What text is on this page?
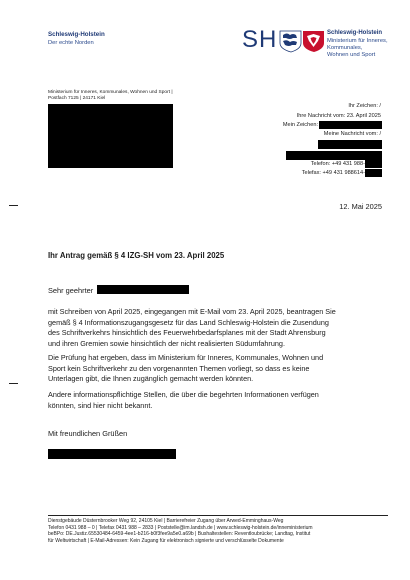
Schleswig-Holstein
Der echte Norden	SH	Schleswig-Holstein
Ministerium für Inneres,
Kommunales,
Wohnen und Sport
Ministerium für Inneres, Kommunales, Wohnen und Sport |
Postfach 7125 | 24171 Kiel
Ihr Zeichen: /
Ihre Nachricht vom: 23. April 2025
Mein Zeichen:
Meine Nachricht vom: /
Telefon: +49 431 988-
Telefax: +49 431 988614-
12. Mai 2025
Ihr Antrag gemäß § 4 IZG-SH vom 23. April 2025
Sehr geehrter
mit Schreiben von April 2025, eingegangen mit E-Mail vom 23. April 2025, beantragen Sie
gemäß § 4 Informationszugangsgesetz für das Land Schleswig-Holstein die Zusendung
des Schriftverkehrs hinsichtlich des Feuerwehrbedarfsplanes mit der Stadt Ahrensburg
und ihren Gremien sowie hinsichtlich der nicht realisierten Südumfahrung.
Die Prüfung hat ergeben, dass im Ministerium für Inneres, Kommunales, Wohnen und
Sport kein Schriftverkehr zu den vorgenannten Themen vorliegt, so dass es keine
Unterlagen gibt, die Ihnen zugänglich gemacht werden könnten.
Andere informationspflichtige Stellen, die über die begehrten Informationen verfügen
könnten, sind hier nicht bekannt.
Mit freundlichen Grüßen
Dienstgebäude Düsternbrooker Weg 92, 24105 Kiel | Barrierefreier Zugang über Arwed-Emminghaus-Weg
Telefon 0431 988 – 0 | Telefax 0431 988 – 2833 | Poststelle@im.landsh.de | www.schleswig-holstein.de/inneministerium
beBPo: DE.Justiz.65530484-6459-4ee1-b216-b0f3fee9a5e0.a69b | Bushaltestellen: Reventloubrücke; Landtag, Institut
für Weltwirtschaft | E-Mail-Adressen: Kein Zugang für elektronisch signierte und verschlüsselte Dokumente
